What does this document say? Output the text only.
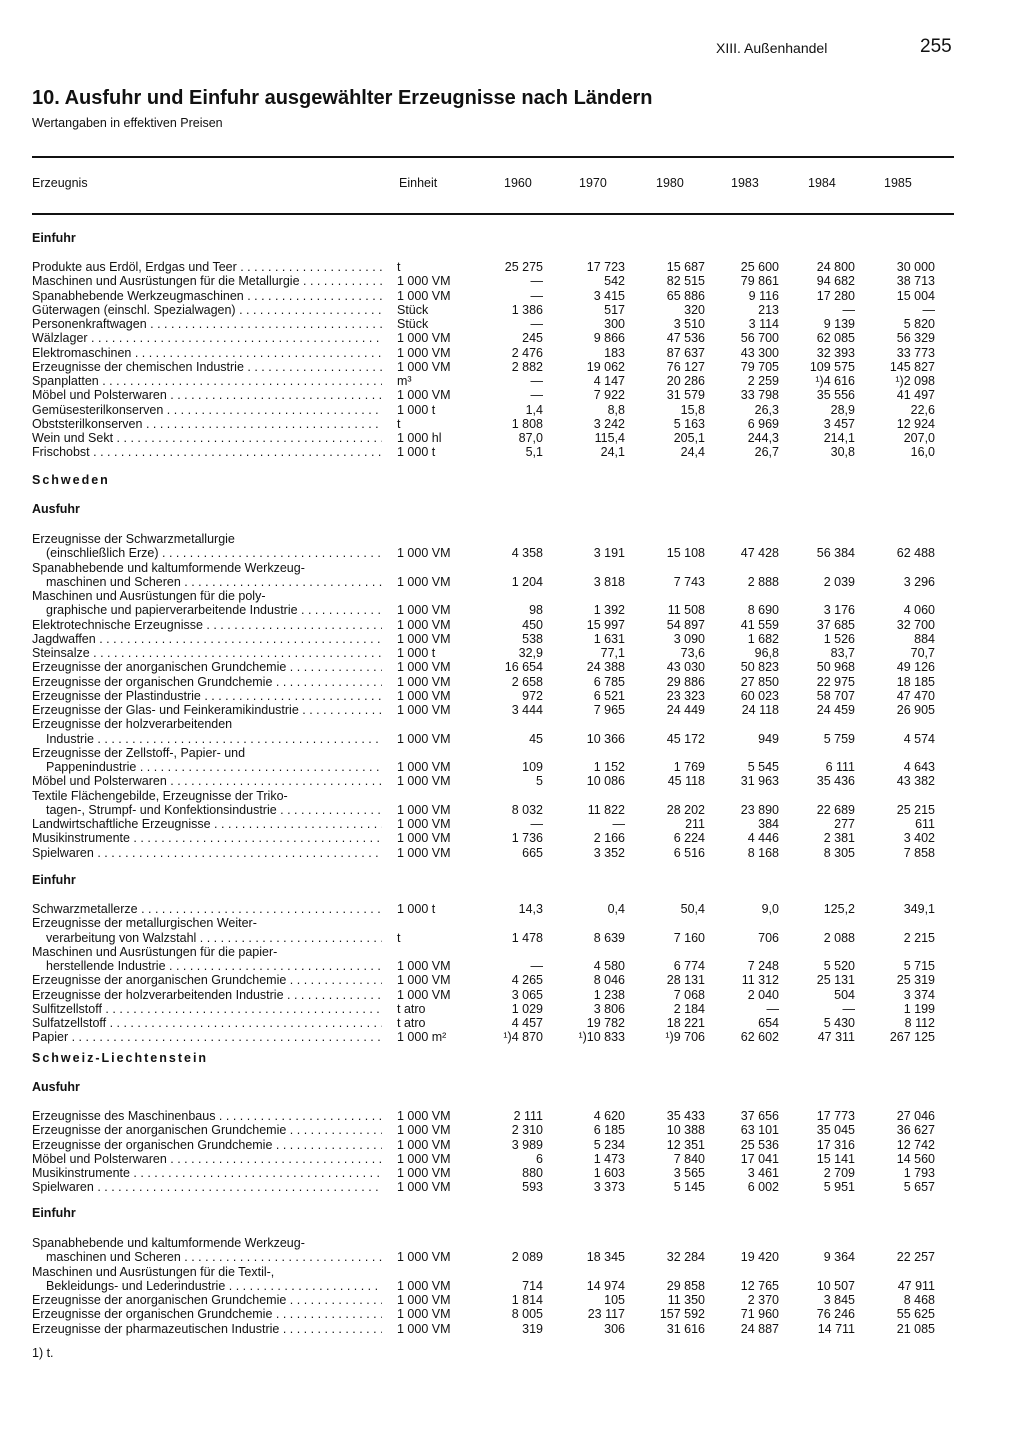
XIII. Außenhandel	255
10. Ausfuhr und Einfuhr ausgewählter Erzeugnisse nach Ländern
Wertangaben in effektiven Preisen
Erzeugnis	Einheit	1960	1970	1980	1983	1984	1985
Einfuhr
Produkte aus Erdöl, Erdgas und Teer . . .	t	25 275	17 723	15 687	25 600	24 800	30 000
Maschinen und Ausrüstungen für die Metallurgie . . .	1 000 VM	—	542	82 515	79 861	94 682	38 713
Spanabhebende Werkzeugmaschinen . . .	1 000 VM	—	3 415	65 886	9 116	17 280	15 004
Güterwagen (einschl. Spezialwagen) . . .	Stück	1 386	517	320	213	—	—
Personenkraftwagen . . .	Stück	—	300	3 510	3 114	9 139	5 820
Wälzlager . . .	1 000 VM	245	9 866	47 536	56 700	62 085	56 329
Elektromaschinen . . .	1 000 VM	2 476	183	87 637	43 300	32 393	33 773
Erzeugnisse der chemischen Industrie . . .	1 000 VM	2 882	19 062	76 127	79 705	109 575	145 827
Spanplatten . . .	m³	—	4 147	20 286	2 259	¹)4 616	¹)2 098
Möbel und Polsterwaren . . .	1 000 VM	—	7 922	31 579	33 798	35 556	41 497
Gemüsesterilkonserven . . .	1 000 t	1,4	8,8	15,8	26,3	28,9	22,6
Obststerilkonserven . . .	t	1 808	3 242	5 163	6 969	3 457	12 924
Wein und Sekt . . .	1 000 hl	87,0	115,4	205,1	244,3	214,1	207,0
Frischobst . . .	1 000 t	5,1	24,1	24,4	26,7	30,8	16,0
Schweden
Ausfuhr
Erzeugnisse der Schwarzmetallurgie
(einschließlich Erze) . . .	1 000 VM	4 358	3 191	15 108	47 428	56 384	62 488
Spanabhebende und kaltumformende Werkzeug-
maschinen und Scheren . . .	1 000 VM	1 204	3 818	7 743	2 888	2 039	3 296
Maschinen und Ausrüstungen für die poly-
graphische und papierverarbeitende Industrie . . .	1 000 VM	98	1 392	11 508	8 690	3 176	4 060
Elektrotechnische Erzeugnisse . . .	1 000 VM	450	15 997	54 897	41 559	37 685	32 700
Jagdwaffen . . .	1 000 VM	538	1 631	3 090	1 682	1 526	884
Steinsalze . . .	1 000 t	32,9	77,1	73,6	96,8	83,7	70,7
Erzeugnisse der anorganischen Grundchemie . . .	1 000 VM	16 654	24 388	43 030	50 823	50 968	49 126
Erzeugnisse der organischen Grundchemie . . .	1 000 VM	2 658	6 785	29 886	27 850	22 975	18 185
Erzeugnisse der Plastindustrie . . .	1 000 VM	972	6 521	23 323	60 023	58 707	47 470
Erzeugnisse der Glas- und Feinkeramikindustrie . . .	1 000 VM	3 444	7 965	24 449	24 118	24 459	26 905
Erzeugnisse der holzverarbeitenden
Industrie . . .	1 000 VM	45	10 366	45 172	949	5 759	4 574
Erzeugnisse der Zellstoff-, Papier- und
Pappenindustrie . . .	1 000 VM	109	1 152	1 769	5 545	6 111	4 643
Möbel und Polsterwaren . . .	1 000 VM	5	10 086	45 118	31 963	35 436	43 382
Textile Flächengebilde, Erzeugnisse der Triko-
tagen-, Strumpf- und Konfektionsindustrie . . .	1 000 VM	8 032	11 822	28 202	23 890	22 689	25 215
Landwirtschaftliche Erzeugnisse . . .	1 000 VM	—	—	211	384	277	611
Musikinstrumente . . .	1 000 VM	1 736	2 166	6 224	4 446	2 381	3 402
Spielwaren . . .	1 000 VM	665	3 352	6 516	8 168	8 305	7 858
Einfuhr
Schwarzmetallerze . . .	1 000 t	14,3	0,4	50,4	9,0	125,2	349,1
Erzeugnisse der metallurgischen Weiter-
verarbeitung von Walzstahl . . .	t	1 478	8 639	7 160	706	2 088	2 215
Maschinen und Ausrüstungen für die papier-
herstellende Industrie . . .	1 000 VM	—	4 580	6 774	7 248	5 520	5 715
Erzeugnisse der anorganischen Grundchemie . . .	1 000 VM	4 265	8 046	28 131	11 312	25 131	25 319
Erzeugnisse der holzverarbeitenden Industrie . . .	1 000 VM	3 065	1 238	7 068	2 040	504	3 374
Sulfitzellstoff . . .	t atro	1 029	3 806	2 184	—	—	1 199
Sulfatzellstoff . . .	t atro	4 457	19 782	18 221	654	5 430	8 112
Papier . . .	1 000 m²	¹)4 870	¹)10 833	¹)9 706	62 602	47 311	267 125
Schweiz-Liechtenstein
Ausfuhr
Erzeugnisse des Maschinenbaus . . .	1 000 VM	2 111	4 620	35 433	37 656	17 773	27 046
Erzeugnisse der anorganischen Grundchemie . . .	1 000 VM	2 310	6 185	10 388	63 101	35 045	36 627
Erzeugnisse der organischen Grundchemie . . .	1 000 VM	3 989	5 234	12 351	25 536	17 316	12 742
Möbel und Polsterwaren . . .	1 000 VM	6	1 473	7 840	17 041	15 141	14 560
Musikinstrumente . . .	1 000 VM	880	1 603	3 565	3 461	2 709	1 793
Spielwaren . . .	1 000 VM	593	3 373	5 145	6 002	5 951	5 657
Einfuhr
Spanabhebende und kaltumformende Werkzeug-
maschinen und Scheren . . .	1 000 VM	2 089	18 345	32 284	19 420	9 364	22 257
Maschinen und Ausrüstungen für die Textil-,
Bekleidungs- und Lederindustrie . . .	1 000 VM	714	14 974	29 858	12 765	10 507	47 911
Erzeugnisse der anorganischen Grundchemie . . .	1 000 VM	1 814	105	11 350	2 370	3 845	8 468
Erzeugnisse der organischen Grundchemie . . .	1 000 VM	8 005	23 117	157 592	71 960	76 246	55 625
Erzeugnisse der pharmazeutischen Industrie . . .	1 000 VM	319	306	31 616	24 887	14 711	21 085
1) t.
